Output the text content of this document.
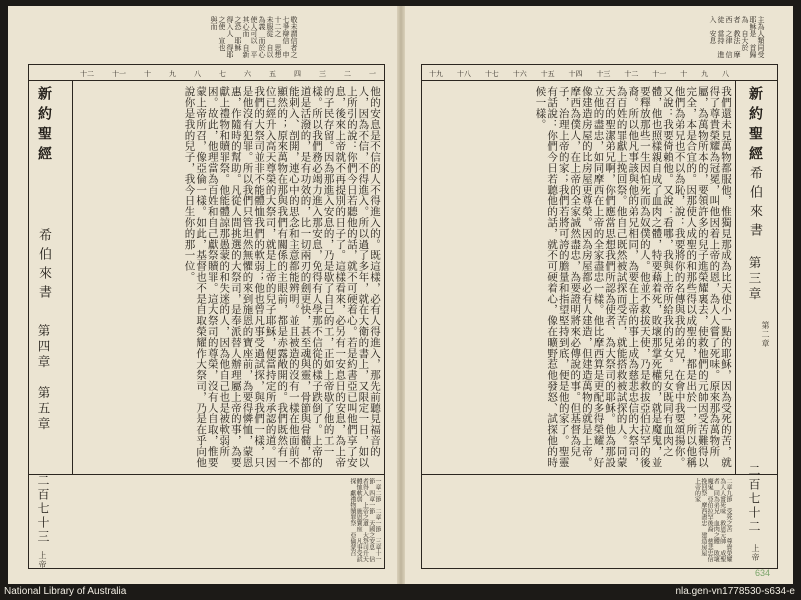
十二	十一	十	九	八	七	六	五	四	三	二	一
新約聖經
希伯來書
第四章　第五章
二百七十三
上帝
敬未謂信者之　七爭辯信　申十二之　思想未服從　自以為義　而於心　使人可以　平其心而　自新　之恐　耶穌　得入人　得耶之使　宣也　與而
他的安息是不信的人不得進入的。既這樣，必有人得進入，那先前聽見福音的人，因為不信，不得進入。所以過了多年，就在大衛的書上，又限定一日，如以上所引的說：你們今日若聽他的話，就不可硬着心。若是約書亞已叫他們享了安息，後來上帝就不再提別的日子了。這樣看來，必另有一安息日的安息，為上帝的子民存留。因為那進入安息的，乃是歇了自己的工，正如上帝歇了他的工一樣。所以我們務必竭力進入那安息，免得有人學那不信從的樣子跌倒了。上帝的道是活潑的，是有功效的，比一切兩刃的劍更快，甚至魂與靈，骨節與骨髓，都能刺入、剖開，連心中的思念和主意都能辨明。並且被造的沒有一樣在他面前不顯然的；原來萬物在那與我們有關係的主眼前，都是赤露敞開的。我們既然有一位已經升入高天尊榮的大祭司，就是上帝的兒子耶穌，便當持定所承認的道。因我們的大祭司並非不能體恤我們的軟弱；他也曾凡事受過試探，與我們一樣，只是他沒有犯罪。所以我們只管坦然無懼的來到施恩的寶座前，為要得憐恤，蒙恩惠，作隨時的幫助。凡從人間挑選的大祭司，是奉派替人辦理屬上帝的事，為要獻上禮物和贖罪祭。他能體諒那愚蒙的和失迷的人，因為他自己也是被軟弱所困。故此，他理當為百姓和自己獻祭贖罪。這大祭司的尊榮，沒有人自取，惟要蒙上帝所召，像亞倫一樣。如此，基督也不是自取榮耀作大祭司，乃是在乎向他說你是我的兒子，我今日生你的那一位。
一章二節　二章一節　三章十一節　四章一節　天國之安息　信者得入　上帝之道　大祭司升天　體恤軟弱　施恩寶座　凡事受試探　獻禮物贖罪祭　亞倫蒙召
十九 十八 十七 十六 十五 十四 十三 十二 十一 十 九 八
新約聖經
希伯來書
第三章
第二章
二百七十二
上帝
主為人類同受　耶穌是　首歸為　自大於　者　教法　摩西　之律　信徒　當持　進入　安息
我們還未見萬物都服他，惟獨見那成為比天使小一點的耶穌，因為受死的苦，就得了尊貴榮耀為冠冕，叫他因着上帝的恩，為人人嘗了死味。原來那為萬物所屬，為萬物所本的，要領許多的兒子進榮耀裏去，使救他們的元帥因受苦難得以完全，本是合宜的。因那使人成聖的和那些得以成聖的，都是出於一，所以他稱他們為弟兄也不以為恥，說：我要將你的名傳與我的弟兄，在會中我要頌揚你。又說：我要倚賴他。又說：看哪，我與上帝所給我的兒女。兒女既同有血肉之體，他也照樣親自成了血肉之體，特要藉着死，敗壞那掌死權的，就是魔鬼，並要釋放那些一生因怕死而為奴僕的人。他並不救拔天使，乃是救拔亞伯拉罕的後裔。所以他凡事該與他的弟兄相同，為要在上帝的事上成為慈悲忠信的大祭司，為百姓的罪獻上挽回祭。他自己既然被試探而受苦，就能搭救被試探的人。同蒙天召的聖潔弟兄啊，你們應當思想我們所認為使者、為大祭司的耶穌。他為那設立他的盡忠，如同摩西在上帝的全家盡忠一樣。他比摩西算是更配多得榮耀，好像建造房屋的比房屋更尊榮。因為房屋都必有人建造，但建造萬物的就是上帝。摩西為僕人，在上帝的全家誠然盡忠，為要證明將來必傳說的事。但基督為兒子，治理上帝的家；我們若將可誇的膽量和指望堅持到底，便是他的家了。聖靈有話說：你們今日若聽他的話，就不可硬着心，像在曠野惹他發怒、試探他的時候一樣。
二章九節　受死之苦　尊貴榮耀　為人人嘗死味　救恩元帥　成聖者　同為弟兄　血肉之體　敗壞魔鬼　亞伯拉罕後裔　慈悲忠信　挽回祭　摩西盡忠　建造房屋　上帝的家
634
National Library of Australia	nla.gen-vn1778530-s634-e
